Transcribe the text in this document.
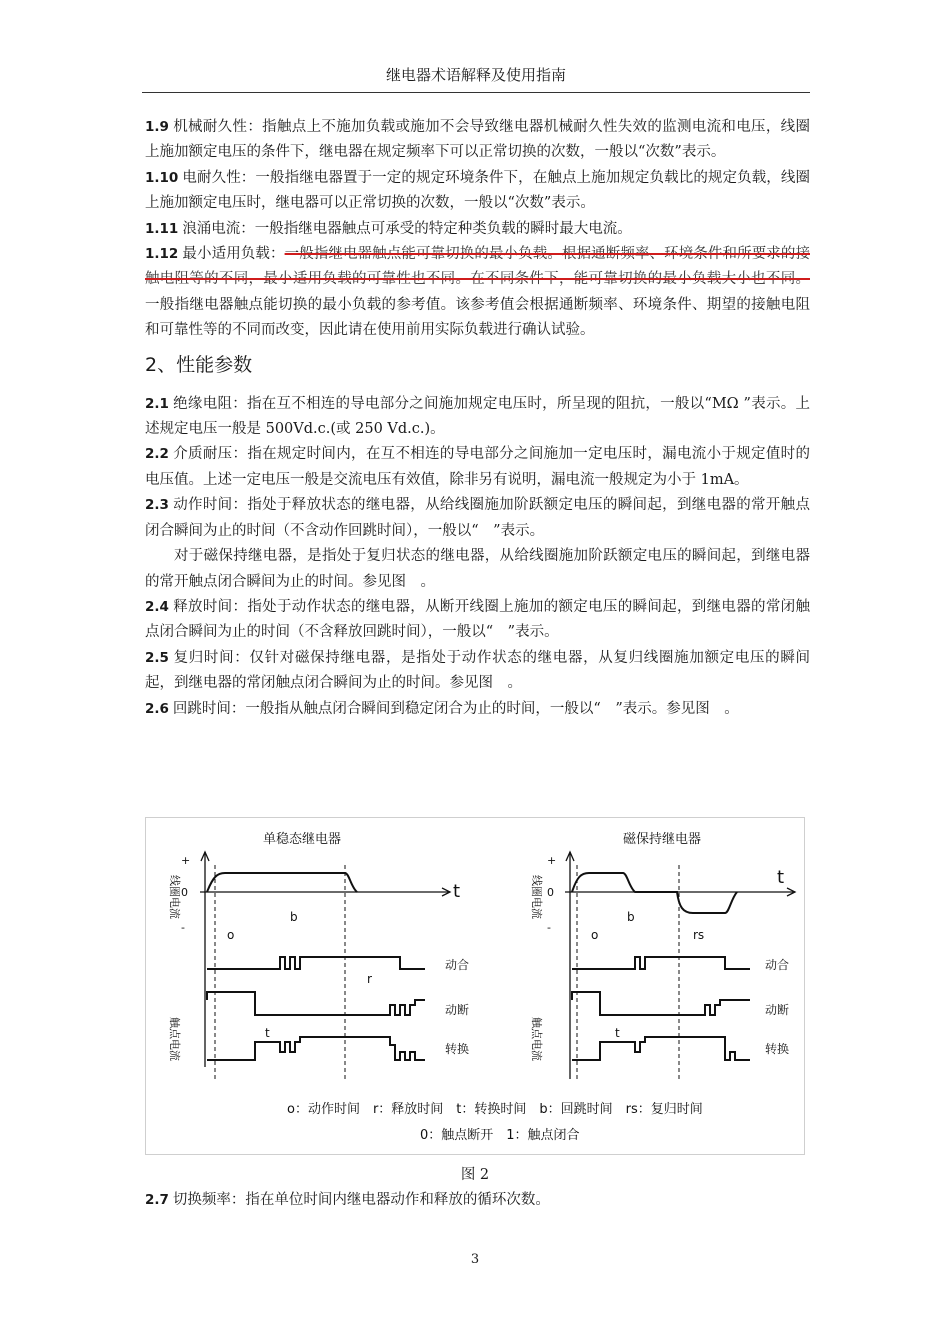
继电器术语解释及使用指南

1.9 机械耐久性：指触点上不施加负载或施加不会导致继电器机械耐久性失效的监测电流和电压，线圈上施加额定电压的条件下，继电器在规定频率下可以正常切换的次数，一般以“次数”表示。

1.10 电耐久性：一般指继电器置于一定的规定环境条件下，在触点上施加规定负载比的规定负载，线圈上施加额定电压时，继电器可以正常切换的次数，一般以“次数”表示。

1.11 浪涌电流：一般指继电器触点可承受的特定种类负载的瞬时最大电流。

1.12 最小适用负载：一般指继电器触点能可靠切换的最小负载。根据通断频率、环境条件和所要求的接触电阻等的不同，最小适用负载的可靠性也不同。在不同条件下，能可靠切换的最小负载大小也不同。一般指继电器触点能切换的最小负载的参考值。该参考值会根据通断频率、环境条件、期望的接触电阻和可靠性等的不同而改变，因此请在使用前用实际负载进行确认试验。

2、性能参数

2.1 绝缘电阻：指在互不相连的导电部分之间施加规定电压时，所呈现的阻抗，一般以“MΩ ”表示。上述规定电压一般是 500Vd.c.(或 250 Vd.c.)。

2.2 介质耐压：指在规定时间内，在互不相连的导电部分之间施加一定电压时，漏电流小于规定值时的电压值。上述一定电压一般是交流电压有效值，除非另有说明，漏电流一般规定为小于 1mA。

2.3 动作时间：指处于释放状态的继电器，从给线圈施加阶跃额定电压的瞬间起，到继电器的常开触点闭合瞬间为止的时间（不含动作回跳时间），一般以“　”表示。

对于磁保持继电器，是指处于复归状态的继电器，从给线圈施加阶跃额定电压的瞬间起，到继电器的常开触点闭合瞬间为止的时间。参见图　。

2.4 释放时间：指处于动作状态的继电器，从断开线圈上施加的额定电压的瞬间起，到继电器的常闭触点闭合瞬间为止的时间（不含释放回跳时间），一般以“　”表示。

2.5 复归时间：仅针对磁保持继电器，是指处于动作状态的继电器，从复归线圈施加额定电压的瞬间起，到继电器的常闭触点闭合瞬间为止的时间。参见图　。

2.6 回跳时间：一般指从触点闭合瞬间到稳定闭合为止的时间，一般以“　”表示。参见图　。

单稳态继电器	磁保持继电器
+
0
-
t
线圈电流
触点电流
o
b
r
t
动合
动断
转换
+
0
-
t
线圈电流
触点电流
o
b
rs
t
动合
动断
转换
o：动作时间　r：释放时间　t：转换时间　b：回跳时间　rs：复归时间
0：触点断开　1：触点闭合
图 2
2.7 切换频率：指在单位时间内继电器动作和释放的循环次数。
3
